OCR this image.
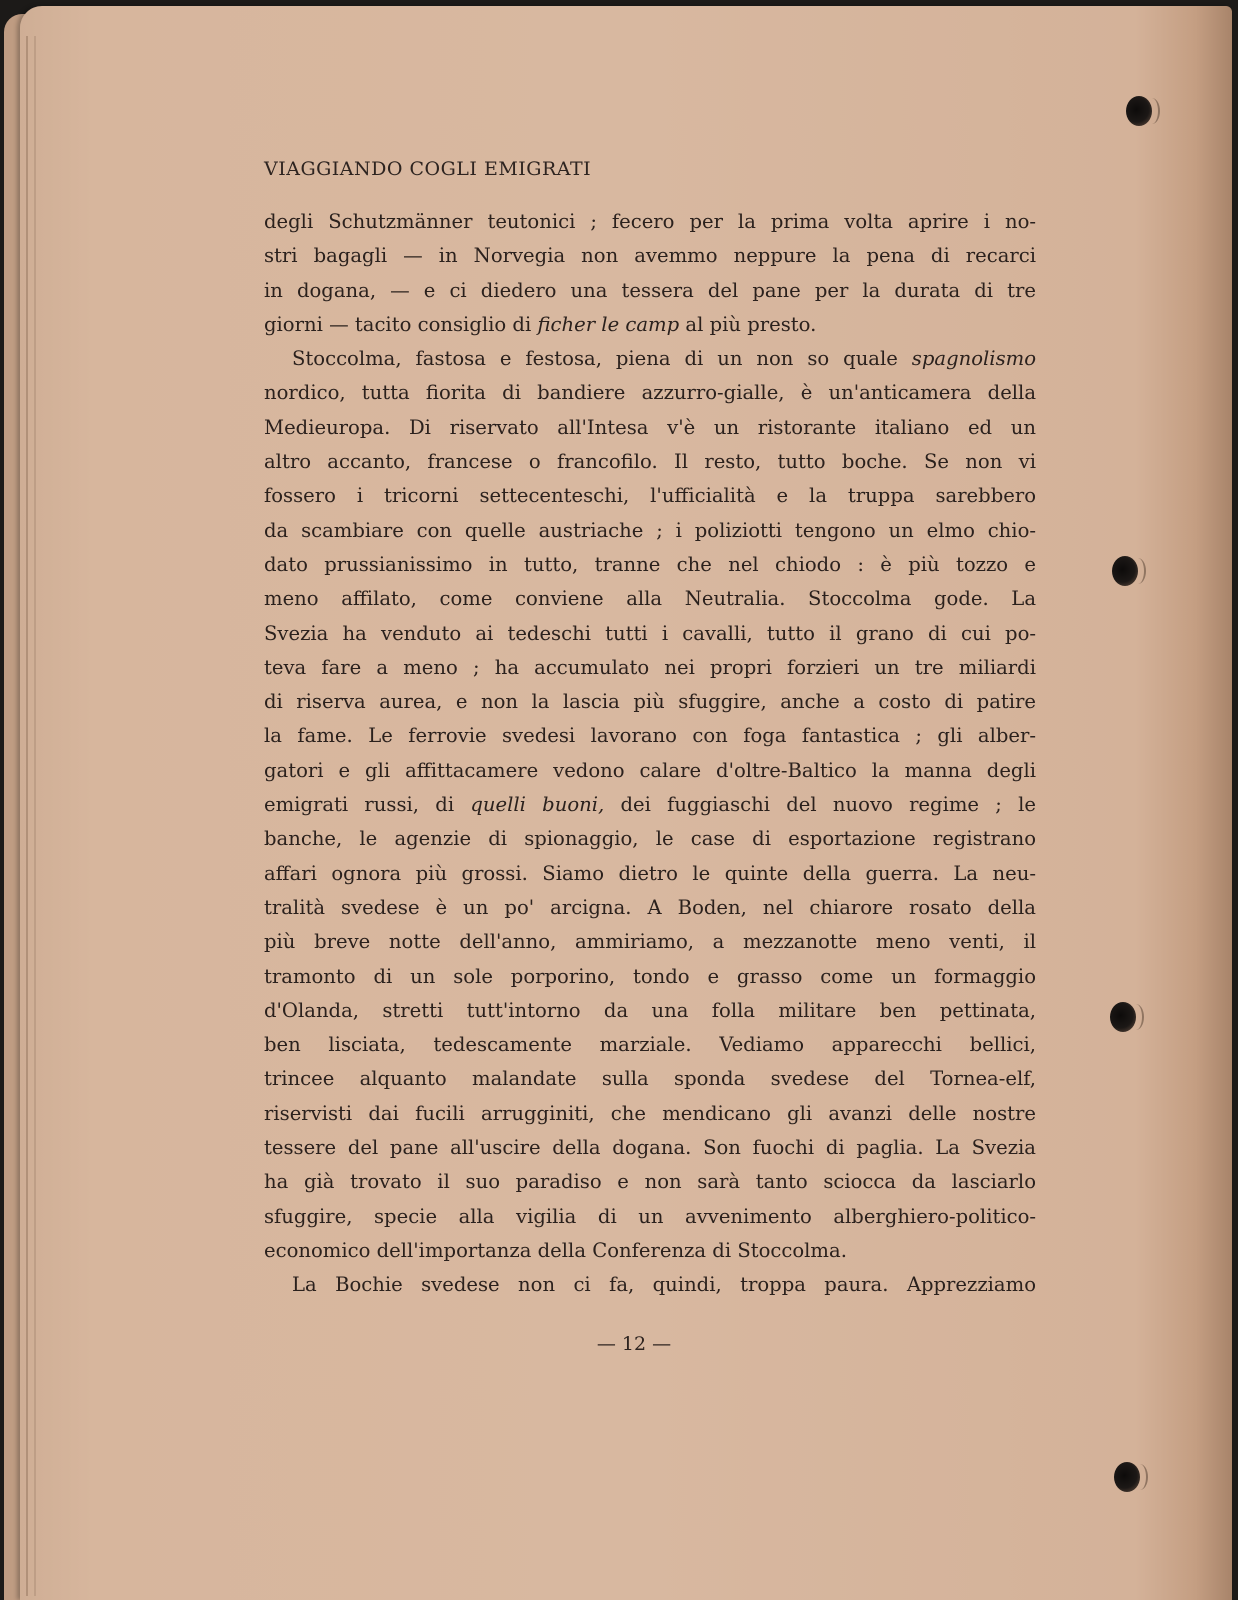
VIAGGIANDO COGLI EMIGRATI
degli Schutzmänner teutonici ; fecero per la prima volta aprire i no-
stri bagagli — in Norvegia non avemmo neppure la pena di recarci
in dogana, — e ci diedero una tessera del pane per la durata di tre
giorni — tacito consiglio di ficher le camp al più presto.
Stoccolma, fastosa e festosa, piena di un non so quale spagnolismo
nordico, tutta fiorita di bandiere azzurro-gialle, è un'anticamera della
Medieuropa. Di riservato all'Intesa v'è un ristorante italiano ed un
altro accanto, francese o francofilo. Il resto, tutto boche. Se non vi
fossero i tricorni settecenteschi, l'ufficialità e la truppa sarebbero
da scambiare con quelle austriache ; i poliziotti tengono un elmo chio-
dato prussianissimo in tutto, tranne che nel chiodo : è più tozzo e
meno affilato, come conviene alla Neutralia. Stoccolma gode. La
Svezia ha venduto ai tedeschi tutti i cavalli, tutto il grano di cui po-
teva fare a meno ; ha accumulato nei propri forzieri un tre miliardi
di riserva aurea, e non la lascia più sfuggire, anche a costo di patire
la fame. Le ferrovie svedesi lavorano con foga fantastica ; gli alber-
gatori e gli affittacamere vedono calare d'oltre-Baltico la manna degli
emigrati russi, di quelli buoni, dei fuggiaschi del nuovo regime ; le
banche, le agenzie di spionaggio, le case di esportazione registrano
affari ognora più grossi. Siamo dietro le quinte della guerra. La neu-
tralità svedese è un po' arcigna. A Boden, nel chiarore rosato della
più breve notte dell'anno, ammiriamo, a mezzanotte meno venti, il
tramonto di un sole porporino, tondo e grasso come un formaggio
d'Olanda, stretti tutt'intorno da una folla militare ben pettinata,
ben lisciata, tedescamente marziale. Vediamo apparecchi bellici,
trincee alquanto malandate sulla sponda svedese del Tornea-elf,
riservisti dai fucili arrugginiti, che mendicano gli avanzi delle nostre
tessere del pane all'uscire della dogana. Son fuochi di paglia. La Svezia
ha già trovato il suo paradiso e non sarà tanto sciocca da lasciarlo
sfuggire, specie alla vigilia di un avvenimento alberghiero-politico-
economico dell'importanza della Conferenza di Stoccolma.
La Bochie svedese non ci fa, quindi, troppa paura. Apprezziamo
— 12 —
